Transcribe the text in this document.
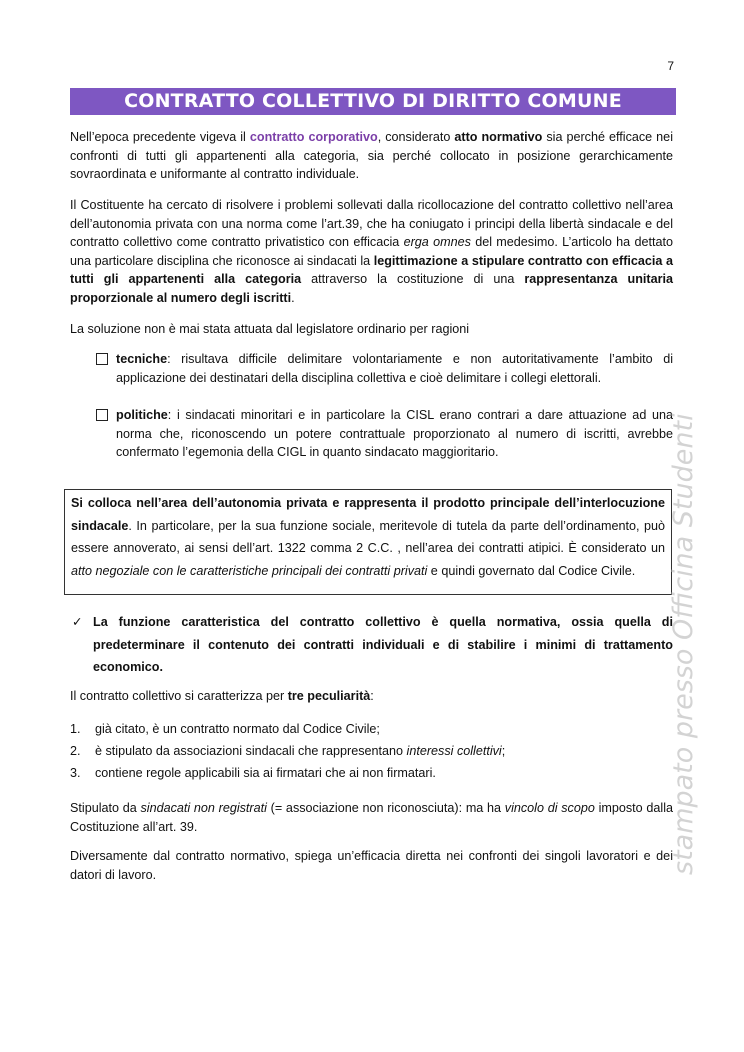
7
CONTRATTO COLLETTIVO DI DIRITTO COMUNE

Nell’epoca precedente vigeva il contratto corporativo, considerato atto normativo sia perché efficace nei confronti di tutti gli appartenenti alla categoria, sia perché collocato in posizione gerarchicamente sovraordinata e uniformante al contratto individuale.

Il Costituente ha cercato di risolvere i problemi sollevati dalla ricollocazione del contratto collettivo nell’area dell’autonomia privata con una norma come l’art.39, che ha coniugato i principi della libertà sindacale e del contratto collettivo come contratto privatistico con efficacia erga omnes del medesimo. L’articolo ha dettato una particolare disciplina che riconosce ai sindacati la legittimazione a stipulare contratto con efficacia a tutti gli appartenenti alla categoria attraverso la costituzione di una rappresentanza unitaria proporzionale al numero degli iscritti.

La soluzione non è mai stata attuata dal legislatore ordinario per ragioni

tecniche: risultava difficile delimitare volontariamente e non autoritativamente l’ambito di applicazione dei destinatari della disciplina collettiva e cioè delimitare i collegi elettorali.
politiche: i sindacati minoritari e in particolare la CISL erano contrari a dare attuazione ad una norma che, riconoscendo un potere contrattuale proporzionato al numero di iscritti, avrebbe confermato l’egemonia della CIGL in quanto sindacato maggioritario.
Si colloca nell’area dell’autonomia privata e rappresenta il prodotto principale dell’interlocuzione sindacale. In particolare, per la sua funzione sociale, meritevole di tutela da parte dell’ordinamento, può essere annoverato, ai sensi dell’art. 1322 comma 2 C.C. , nell’area dei contratti atipici. È considerato un atto negoziale con le caratteristiche principali dei contratti privati e quindi governato dal Codice Civile.
✓ La funzione caratteristica del contratto collettivo è quella normativa, ossia quella di predeterminare il contenuto dei contratti individuali e di stabilire i minimi di trattamento economico.

Il contratto collettivo si caratterizza per tre peculiarità:

1. già citato, è un contratto normato dal Codice Civile;
2. è stipulato da associazioni sindacali che rappresentano interessi collettivi;
3. contiene regole applicabili sia ai firmatari che ai non firmatari.

Stipulato da sindacati non registrati (= associazione non riconosciuta): ma ha vincolo di scopo imposto dalla Costituzione all’art. 39.

Diversamente dal contratto normativo, spiega un’efficacia diretta nei confronti dei singoli lavoratori e dei datori di lavoro.	stampato presso Officina Studenti
